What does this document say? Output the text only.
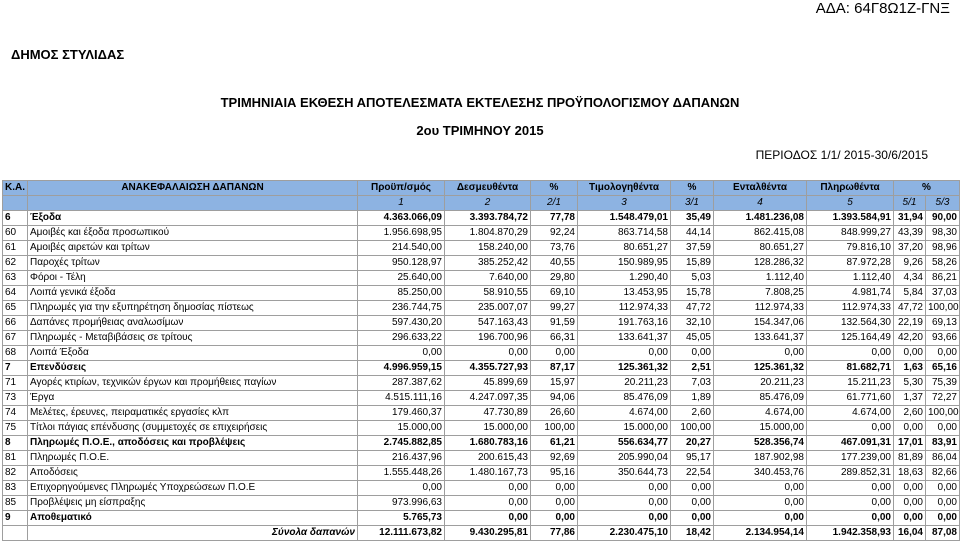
ΑΔΑ: 64Γ8Ω1Ζ-ΓΝΞ
ΔΗΜΟΣ ΣΤΥΛΙΔΑΣ
ΤΡΙΜΗΝΙΑΙΑ ΕΚΘΕΣΗ ΑΠΟΤΕΛΕΣΜΑΤΑ ΕΚΤΕΛΕΣΗΣ ΠΡΟΫΠΟΛΟΓΙΣΜΟΥ ΔΑΠΑΝΩΝ
2ου ΤΡΙΜΗΝΟΥ 2015
ΠΕΡΙΟΔΟΣ 1/1/ 2015-30/6/2015
Κ.Α.	ΑΝΑΚΕΦΑΛΑΙΩΣΗ ΔΑΠΑΝΩΝ	Προϋπ/σμός	Δεσμευθέντα	%	Τιμολογηθέντα	%	Ενταλθέντα	Πληρωθέντα	%	
		1	2	2/1	3	3/1	4	5	5/1	5/3
6	Έξοδα	4.363.066,09	3.393.784,72	77,78	1.548.479,01	35,49	1.481.236,08	1.393.584,91	31,94	90,00
60	Αμοιβές και έξοδα προσωπικού	1.956.698,95	1.804.870,29	92,24	863.714,58	44,14	862.415,08	848.999,27	43,39	98,30
61	Αμοιβές αιρετών και τρίτων	214.540,00	158.240,00	73,76	80.651,27	37,59	80.651,27	79.816,10	37,20	98,96
62	Παροχές τρίτων	950.128,97	385.252,42	40,55	150.989,95	15,89	128.286,32	87.972,28	9,26	58,26
63	Φόροι - Τέλη	25.640,00	7.640,00	29,80	1.290,40	5,03	1.112,40	1.112,40	4,34	86,21
64	Λοιπά γενικά έξοδα	85.250,00	58.910,55	69,10	13.453,95	15,78	7.808,25	4.981,74	5,84	37,03
65	Πληρωμές για την εξυπηρέτηση δημοσίας πίστεως	236.744,75	235.007,07	99,27	112.974,33	47,72	112.974,33	112.974,33	47,72	100,00
66	Δαπάνες προμήθειας αναλωσίμων	597.430,20	547.163,43	91,59	191.763,16	32,10	154.347,06	132.564,30	22,19	69,13
67	Πληρωμές - Μεταβιβάσεις σε τρίτους	296.633,22	196.700,96	66,31	133.641,37	45,05	133.641,37	125.164,49	42,20	93,66
68	Λοιπά Έξοδα	0,00	0,00	0,00	0,00	0,00	0,00	0,00	0,00	0,00
7	Επενδύσεις	4.996.959,15	4.355.727,93	87,17	125.361,32	2,51	125.361,32	81.682,71	1,63	65,16
71	Αγορές κτιρίων, τεχνικών έργων και προμήθειες παγίων	287.387,62	45.899,69	15,97	20.211,23	7,03	20.211,23	15.211,23	5,30	75,39
73	Έργα	4.515.111,16	4.247.097,35	94,06	85.476,09	1,89	85.476,09	61.771,60	1,37	72,27
74	Μελέτες, έρευνες, πειραματικές εργασίες κλπ	179.460,37	47.730,89	26,60	4.674,00	2,60	4.674,00	4.674,00	2,60	100,00
75	Τίτλοι πάγιας επένδυσης (συμμετοχές σε επιχειρήσεις	15.000,00	15.000,00	100,00	15.000,00	100,00	15.000,00	0,00	0,00	0,00
8	Πληρωμές Π.Ο.Ε., αποδόσεις και προβλέψεις	2.745.882,85	1.680.783,16	61,21	556.634,77	20,27	528.356,74	467.091,31	17,01	83,91
81	Πληρωμές Π.Ο.Ε.	216.437,96	200.615,43	92,69	205.990,04	95,17	187.902,98	177.239,00	81,89	86,04
82	Αποδόσεις	1.555.448,26	1.480.167,73	95,16	350.644,73	22,54	340.453,76	289.852,31	18,63	82,66
83	Επιχορηγούμενες Πληρωμές Υποχρεώσεων Π.Ο.Ε	0,00	0,00	0,00	0,00	0,00	0,00	0,00	0,00	0,00
85	Προβλέψεις μη είσπραξης	973.996,63	0,00	0,00	0,00	0,00	0,00	0,00	0,00	0,00
9	Αποθεματικό	5.765,73	0,00	0,00	0,00	0,00	0,00	0,00	0,00	0,00
	Σύνολα δαπανών	12.111.673,82	9.430.295,81	77,86	2.230.475,10	18,42	2.134.954,14	1.942.358,93	16,04	87,08
